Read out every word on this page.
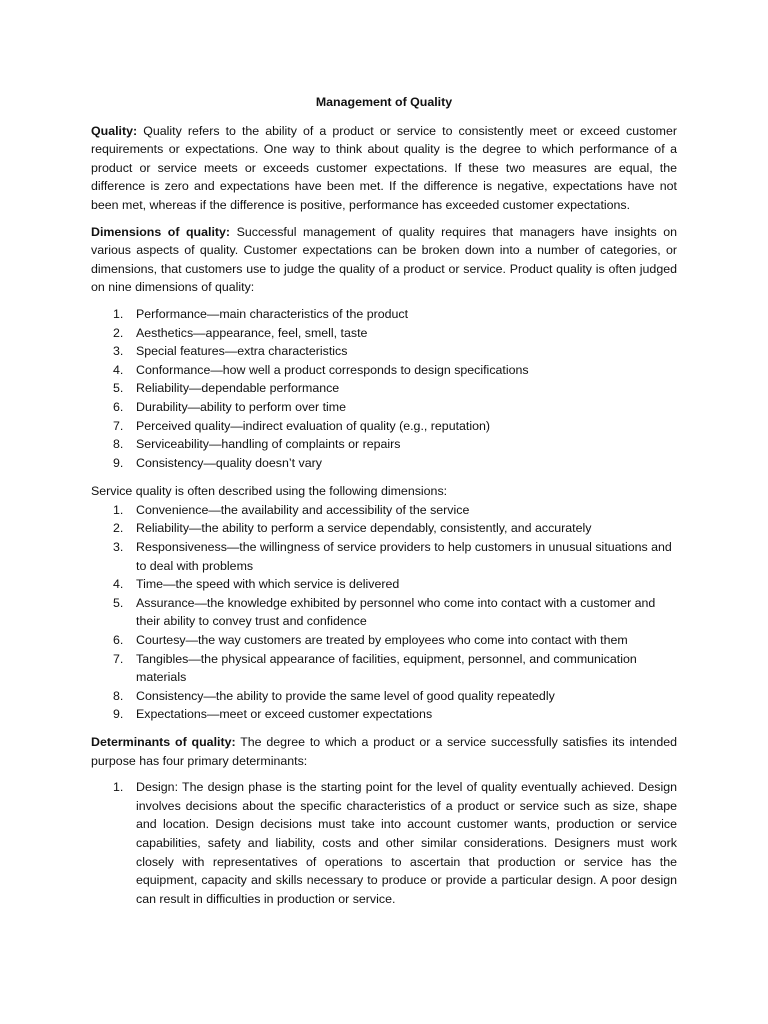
Management of Quality

Quality: Quality refers to the ability of a product or service to consistently meet or exceed customer requirements or expectations. One way to think about quality is the degree to which performance of a product or service meets or exceeds customer expectations. If these two measures are equal, the difference is zero and expectations have been met. If the difference is negative, expectations have not been met, whereas if the difference is positive, performance has exceeded customer expectations.

Dimensions of quality: Successful management of quality requires that managers have insights on various aspects of quality. Customer expectations can be broken down into a number of categories, or dimensions, that customers use to judge the quality of a product or service. Product quality is often judged on nine dimensions of quality:

1. Performance—main characteristics of the product
2. Aesthetics—appearance, feel, smell, taste
3. Special features—extra characteristics
4. Conformance—how well a product corresponds to design specifications
5. Reliability—dependable performance
6. Durability—ability to perform over time
7. Perceived quality—indirect evaluation of quality (e.g., reputation)
8. Serviceability—handling of complaints or repairs
9. Consistency—quality doesn’t vary

Service quality is often described using the following dimensions:

1. Convenience—the availability and accessibility of the service
2. Reliability—the ability to perform a service dependably, consistently, and accurately
3. Responsiveness—the willingness of service providers to help customers in unusual situations and to deal with problems
4. Time—the speed with which service is delivered
5. Assurance—the knowledge exhibited by personnel who come into contact with a customer and their ability to convey trust and confidence
6. Courtesy—the way customers are treated by employees who come into contact with them
7. Tangibles—the physical appearance of facilities, equipment, personnel, and communication materials
8. Consistency—the ability to provide the same level of good quality repeatedly
9. Expectations—meet or exceed customer expectations

Determinants of quality: The degree to which a product or a service successfully satisfies its intended purpose has four primary determinants:

1. Design: The design phase is the starting point for the level of quality eventually achieved. Design involves decisions about the specific characteristics of a product or service such as size, shape and location. Design decisions must take into account customer wants, production or service capabilities, safety and liability, costs and other similar considerations. Designers must work closely with representatives of operations to ascertain that production or service has the equipment, capacity and skills necessary to produce or provide a particular design. A poor design can result in difficulties in production or service.
